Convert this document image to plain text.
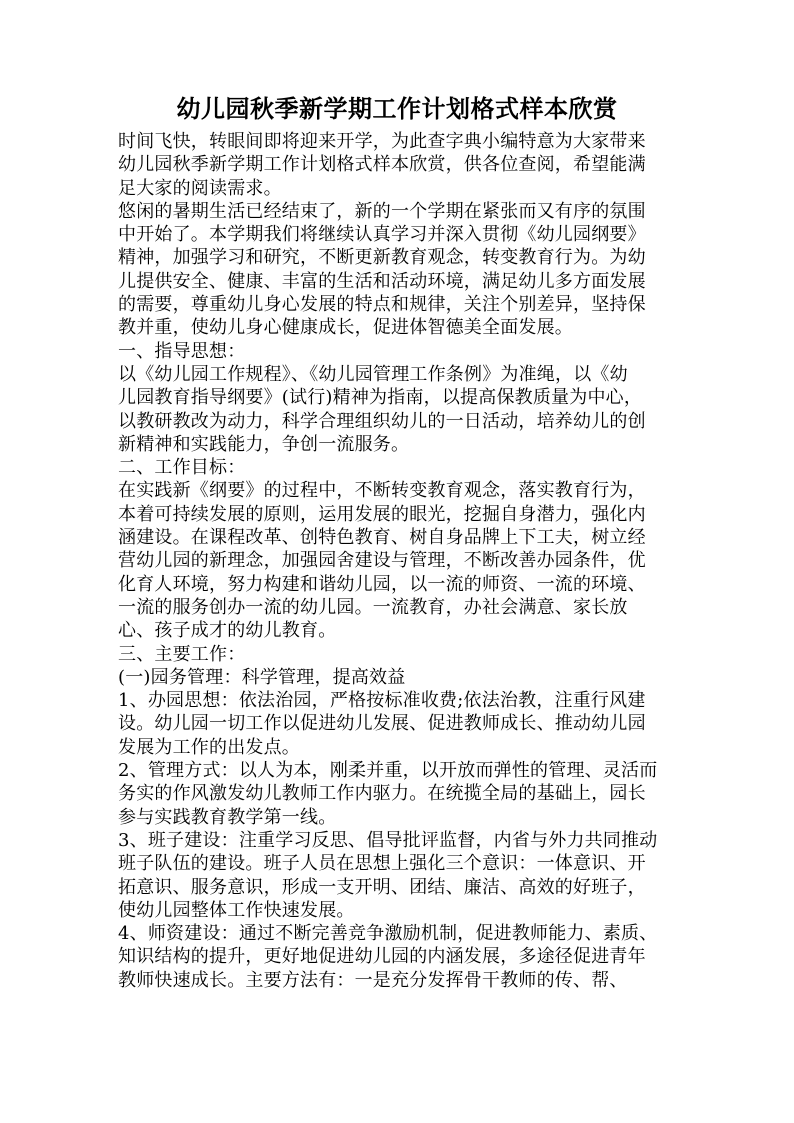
幼儿园秋季新学期工作计划格式样本欣赏
时间飞快，转眼间即将迎来开学，为此查字典小编特意为大家带来
幼儿园秋季新学期工作计划格式样本欣赏，供各位查阅，希望能满
足大家的阅读需求。
悠闲的暑期生活已经结束了，新的一个学期在紧张而又有序的氛围
中开始了。本学期我们将继续认真学习并深入贯彻《幼儿园纲要》
精神，加强学习和研究，不断更新教育观念，转变教育行为。为幼
儿提供安全、健康、丰富的生活和活动环境，满足幼儿多方面发展
的需要，尊重幼儿身心发展的特点和规律，关注个别差异，坚持保
教并重，使幼儿身心健康成长，促进体智德美全面发展。
一、指导思想：
以《幼儿园工作规程》、《幼儿园管理工作条例》为准绳，以《幼
儿园教育指导纲要》(试行)精神为指南，以提高保教质量为中心，
以教研教改为动力，科学合理组织幼儿的一日活动，培养幼儿的创
新精神和实践能力，争创一流服务。
二、工作目标：
在实践新《纲要》的过程中，不断转变教育观念，落实教育行为，
本着可持续发展的原则，运用发展的眼光，挖掘自身潜力，强化内
涵建设。在课程改革、创特色教育、树自身品牌上下工夫，树立经
营幼儿园的新理念，加强园舍建设与管理，不断改善办园条件，优
化育人环境，努力构建和谐幼儿园，以一流的师资、一流的环境、
一流的服务创办一流的幼儿园。一流教育，办社会满意、家长放
心、孩子成才的幼儿教育。
三、主要工作：
(一)园务管理：科学管理，提高效益
1、办园思想：依法治园，严格按标准收费;依法治教，注重行风建
设。幼儿园一切工作以促进幼儿发展、促进教师成长、推动幼儿园
发展为工作的出发点。
2、管理方式：以人为本，刚柔并重，以开放而弹性的管理、灵活而
务实的作风激发幼儿教师工作内驱力。在统揽全局的基础上，园长
参与实践教育教学第一线。
3、班子建设：注重学习反思、倡导批评监督，内省与外力共同推动
班子队伍的建设。班子人员在思想上强化三个意识：一体意识、开
拓意识、服务意识，形成一支开明、团结、廉洁、高效的好班子，
使幼儿园整体工作快速发展。
4、师资建设：通过不断完善竞争激励机制，促进教师能力、素质、
知识结构的提升，更好地促进幼儿园的内涵发展，多途径促进青年
教师快速成长。主要方法有：一是充分发挥骨干教师的传、帮、
